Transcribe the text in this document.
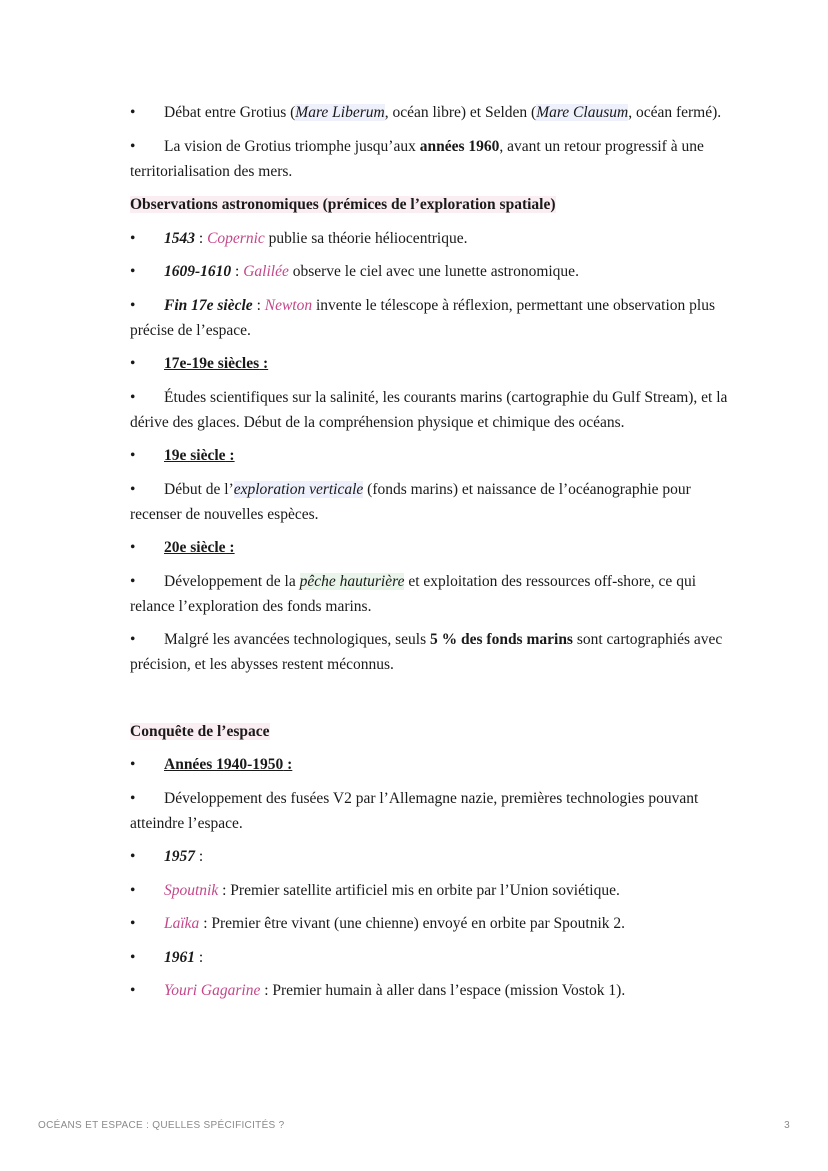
• Débat entre Grotius (Mare Liberum, océan libre) et Selden (Mare Clausum, océan fermé).

• La vision de Grotius triomphe jusqu’aux années 1960, avant un retour progressif à une territorialisation des mers.

Observations astronomiques (prémices de l’exploration spatiale)

• 1543 : Copernic publie sa théorie héliocentrique.

• 1609-1610 : Galilée observe le ciel avec une lunette astronomique.

• Fin 17e siècle : Newton invente le télescope à réflexion, permettant une observation plus précise de l’espace.

• 17e-19e siècles :

• Études scientifiques sur la salinité, les courants marins (cartographie du Gulf Stream), et la dérive des glaces. Début de la compréhension physique et chimique des océans.

• 19e siècle :

• Début de l’exploration verticale (fonds marins) et naissance de l’océanographie pour recenser de nouvelles espèces.

• 20e siècle :

• Développement de la pêche hauturière et exploitation des ressources off-shore, ce qui relance l’exploration des fonds marins.

• Malgré les avancées technologiques, seuls 5 % des fonds marins sont cartographiés avec précision, et les abysses restent méconnus.

Conquête de l’espace

• Années 1940-1950 :

• Développement des fusées V2 par l’Allemagne nazie, premières technologies pouvant atteindre l’espace.

• 1957 :

• Spoutnik : Premier satellite artificiel mis en orbite par l’Union soviétique.

• Laïka : Premier être vivant (une chienne) envoyé en orbite par Spoutnik 2.

• 1961 :

• Youri Gagarine : Premier humain à aller dans l’espace (mission Vostok 1).

OCÉANS ET ESPACE : QUELLES SPÉCIFICITÉS ?	3
